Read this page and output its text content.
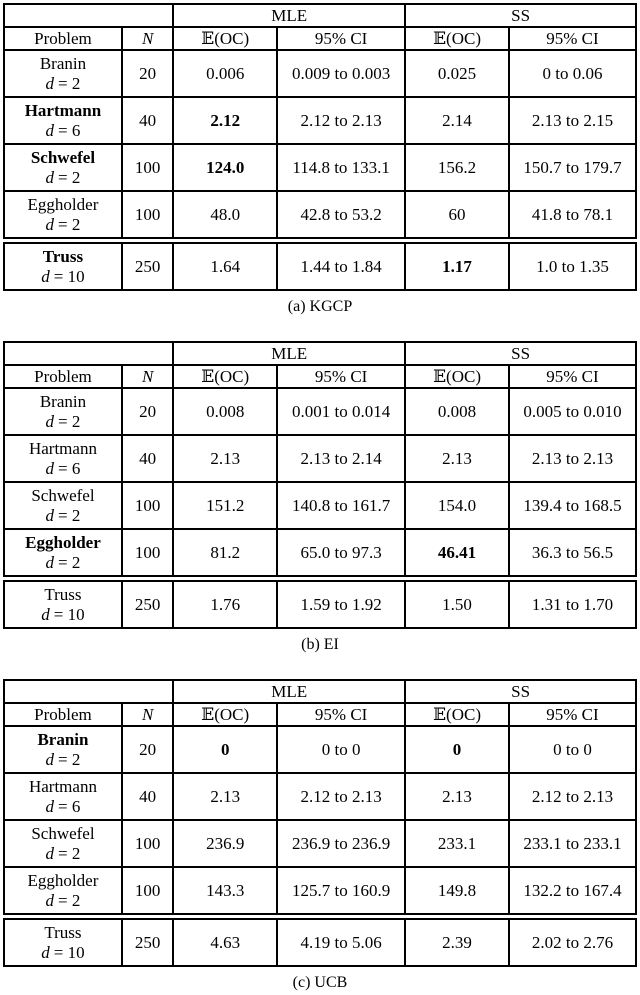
		MLE		SS	
Problem	N	𝔼(OC)	95% CI	𝔼(OC)	95% CI

Branin
d = 2	20	0.006	0.009 to 0.003	0.025	0 to 0.06

Hartmann
d = 6	40	2.12	2.12 to 2.13	2.14	2.13 to 2.15

Schwefel
d = 2	100	124.0	114.8 to 133.1	156.2	150.7 to 179.7

Eggholder
d = 2	100	48.0	42.8 to 53.2	60	41.8 to 78.1

Truss
d = 10	250	1.64	1.44 to 1.84	1.17	1.0 to 1.35
(a) KGCP
		MLE		SS	
Problem	N	𝔼(OC)	95% CI	𝔼(OC)	95% CI

Branin
d = 2	20	0.008	0.001 to 0.014	0.008	0.005 to 0.010

Hartmann
d = 6	40	2.13	2.13 to 2.14	2.13	2.13 to 2.13

Schwefel
d = 2	100	151.2	140.8 to 161.7	154.0	139.4 to 168.5

Eggholder
d = 2	100	81.2	65.0 to 97.3	46.41	36.3 to 56.5

Truss
d = 10	250	1.76	1.59 to 1.92	1.50	1.31 to 1.70
(b) EI
		MLE		SS	
Problem	N	𝔼(OC)	95% CI	𝔼(OC)	95% CI

Branin
d = 2	20	0	0 to 0	0	0 to 0

Hartmann
d = 6	40	2.13	2.12 to 2.13	2.13	2.12 to 2.13

Schwefel
d = 2	100	236.9	236.9 to 236.9	233.1	233.1 to 233.1

Eggholder
d = 2	100	143.3	125.7 to 160.9	149.8	132.2 to 167.4

Truss
d = 10	250	4.63	4.19 to 5.06	2.39	2.02 to 2.76
(c) UCB
